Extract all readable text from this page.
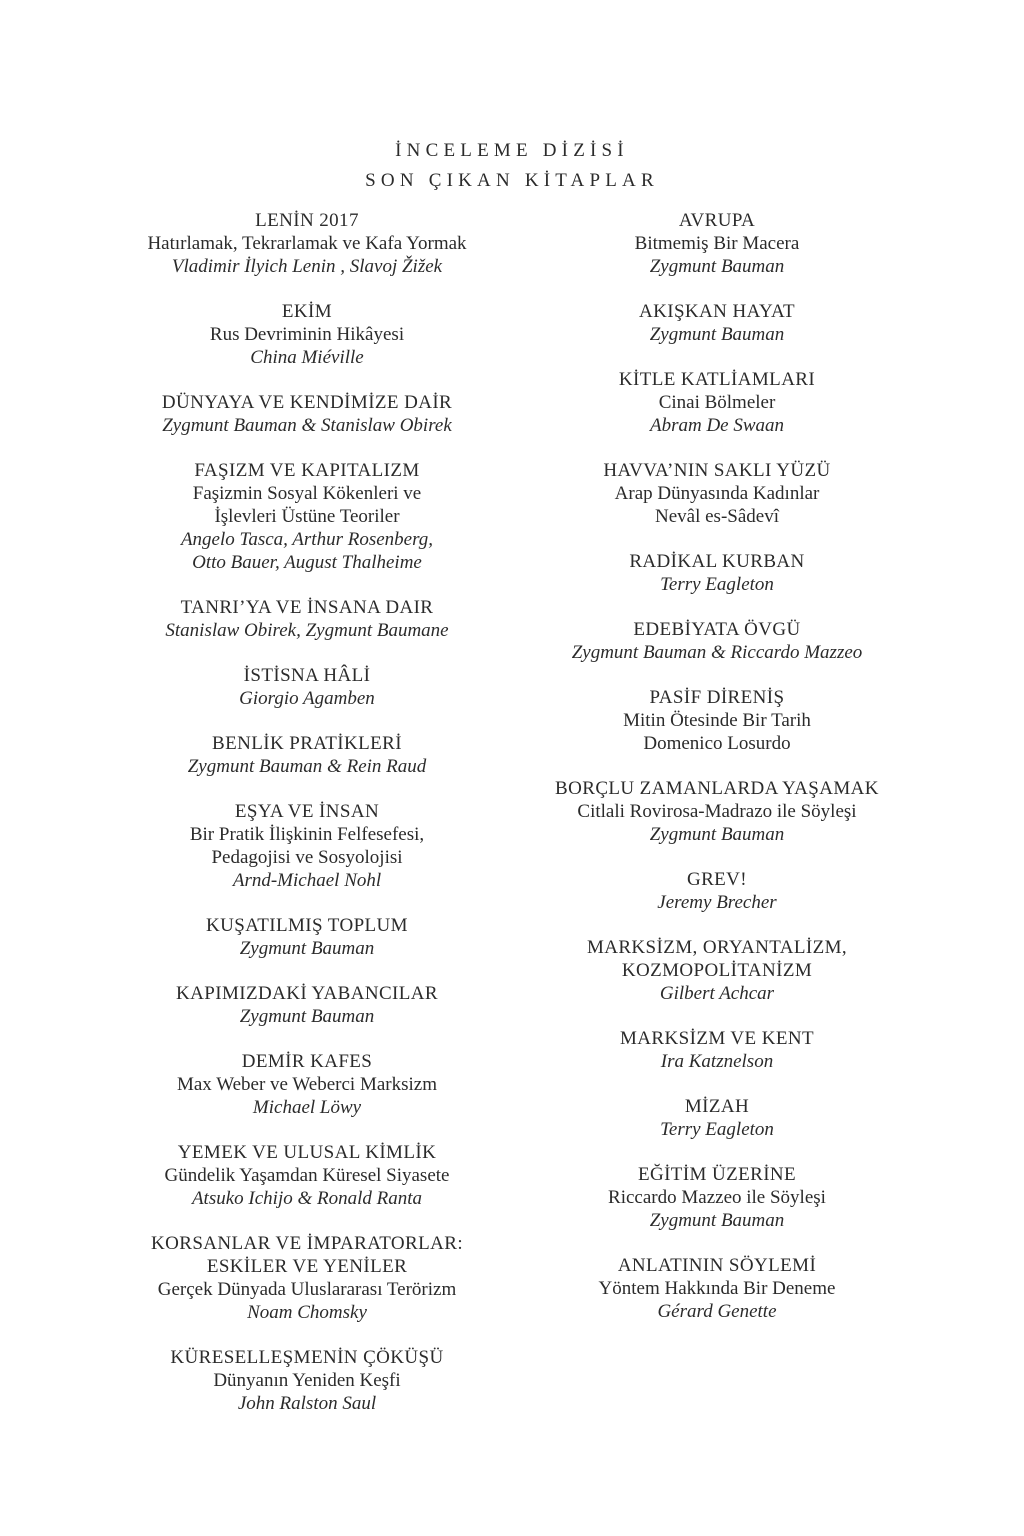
İNCELEME DİZİSİ
SON ÇIKAN KİTAPLAR
LENİN 2017
Hatırlamak, Tekrarlamak ve Kafa Yormak
Vladimir İlyich Lenin , Slavoj Žižek
EKİM
Rus Devriminin Hikâyesi
China Miéville
DÜNYAYA VE KENDİMİZE DAİR
Zygmunt Bauman & Stanislaw Obirek
FAŞIZM VE KAPITALIZM
Faşizmin Sosyal Kökenleri ve
İşlevleri Üstüne Teoriler
Angelo Tasca, Arthur Rosenberg,
Otto Bauer, August Thalheime
TANRI’YA VE İNSANA DAIR
Stanislaw Obirek, Zygmunt Baumane
İSTİSNA HÂLİ
Giorgio Agamben
BENLİK PRATİKLERİ
Zygmunt Bauman & Rein Raud
EŞYA VE İNSAN
Bir Pratik İlişkinin Felfesefesi,
Pedagojisi ve Sosyolojisi
Arnd-Michael Nohl
KUŞATILMIŞ TOPLUM
Zygmunt Bauman
KAPIMIZDAKİ YABANCILAR
Zygmunt Bauman
DEMİR KAFES
Max Weber ve Weberci Marksizm
Michael Löwy
YEMEK VE ULUSAL KİMLİK
Gündelik Yaşamdan Küresel Siyasete
Atsuko Ichijo & Ronald Ranta
KORSANLAR VE İMPARATORLAR:
ESKİLER VE YENİLER
Gerçek Dünyada Uluslararası Terörizm
Noam Chomsky
KÜRESELLEŞMENİN ÇÖKÜŞÜ
Dünyanın Yeniden Keşfi
John Ralston Saul
AVRUPA
Bitmemiş Bir Macera
Zygmunt Bauman
AKIŞKAN HAYAT
Zygmunt Bauman
KİTLE KATLİAMLARI
Cinai Bölmeler
Abram De Swaan
HAVVA’NIN SAKLI YÜZÜ
Arap Dünyasında Kadınlar
Nevâl es-Sâdevî
RADİKAL KURBAN
Terry Eagleton
EDEBİYATA ÖVGÜ
Zygmunt Bauman & Riccardo Mazzeo
PASİF DİRENİŞ
Mitin Ötesinde Bir Tarih
Domenico Losurdo
BORÇLU ZAMANLARDA YAŞAMAK
Citlali Rovirosa-Madrazo ile Söyleşi
Zygmunt Bauman
GREV!
Jeremy Brecher
MARKSİZM, ORYANTALİZM,
KOZMOPOLİTANİZM
Gilbert Achcar
MARKSİZM VE KENT
Ira Katznelson
MİZAH
Terry Eagleton
EĞİTİM ÜZERİNE
Riccardo Mazzeo ile Söyleşi
Zygmunt Bauman
ANLATININ SÖYLEMİ
Yöntem Hakkında Bir Deneme
Gérard Genette
